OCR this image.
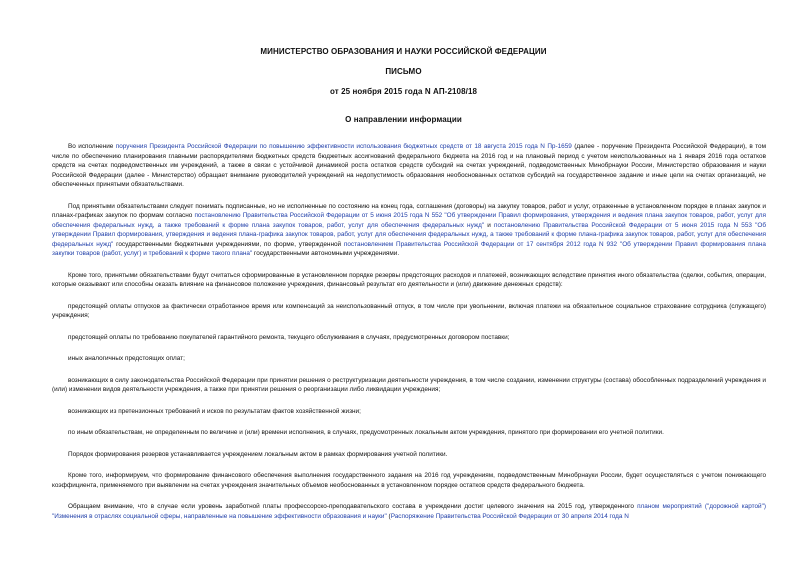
МИНИСТЕРСТВО ОБРАЗОВАНИЯ И НАУКИ РОССИЙСКОЙ ФЕДЕРАЦИИ
ПИСЬМО
от 25 ноября 2015 года N АП-2108/18
О направлении информации

Во исполнение поручения Президента Российской Федерации по повышению эффективности использования бюджетных средств от 18 августа 2015 года N Пр-1659 (далее - поручение Президента Российской Федерации), в том числе по обеспечению планирования главными распорядителями бюджетных средств бюджетных ассигнований федерального бюджета на 2016 год и на плановый период с учетом неиспользованных на 1 января 2016 года остатков средств на счетах подведомственных им учреждений, а также в связи с устойчивой динамикой роста остатков средств субсидий на счетах учреждений, подведомственных Минобрнауки России, Министерство образования и науки Российской Федерации (далее - Министерство) обращает внимание руководителей учреждений на недопустимость образования необоснованных остатков субсидий на государственное задание и иные цели на счетах организаций, не обеспеченных принятыми обязательствами.

Под принятыми обязательствами следует понимать подписанные, но не исполненные по состоянию на конец года, соглашения (договоры) на закупку товаров, работ и услуг, отраженные в установленном порядке в планах закупок и планах-графиках закупок по формам согласно постановлению Правительства Российской Федерации от 5 июня 2015 года N 552 "Об утверждении Правил формирования, утверждения и ведения плана закупок товаров, работ, услуг для обеспечения федеральных нужд, а также требований к форме плана закупок товаров, работ, услуг для обеспечения федеральных нужд" и постановлению Правительства Российской Федерации от 5 июня 2015 года N 553 "Об утверждении Правил формирования, утверждения и ведения плана-графика закупок товаров, работ, услуг для обеспечения федеральных нужд, а также требований к форме плана-графика закупок товаров, работ, услуг для обеспечения федеральных нужд" государственными бюджетными учреждениями, по форме, утвержденной постановлением Правительства Российской Федерации от 17 сентября 2012 года N 932 "Об утверждении Правил формирования плана закупки товаров (работ, услуг) и требований к форме такого плана" государственными автономными учреждениями.

Кроме того, принятыми обязательствами будут считаться сформированные в установленном порядке резервы предстоящих расходов и платежей, возникающих вследствие принятия иного обязательства (сделки, события, операции, которые оказывают или способны оказать влияние на финансовое положение учреждения, финансовый результат его деятельности и (или) движение денежных средств):

предстоящей оплаты отпусков за фактически отработанное время или компенсаций за неиспользованный отпуск, в том числе при увольнении, включая платежи на обязательное социальное страхование сотрудника (служащего) учреждения;

предстоящей оплаты по требованию покупателей гарантийного ремонта, текущего обслуживания в случаях, предусмотренных договором поставки;

иных аналогичных предстоящих оплат;

возникающих в силу законодательства Российской Федерации при принятии решения о реструктуризации деятельности учреждения, в том числе создании, изменении структуры (состава) обособленных подразделений учреждения и (или) изменении видов деятельности учреждения, а также при принятии решения о реорганизации либо ликвидации учреждения;

возникающих из претензионных требований и исков по результатам фактов хозяйственной жизни;

по иным обязательствам, не определенным по величине и (или) времени исполнения, в случаях, предусмотренных локальным актом учреждения, принятого при формировании его учетной политики.

Порядок формирования резервов устанавливается учреждением локальным актом в рамках формирования учетной политики.

Кроме того, информируем, что формирование финансового обеспечения выполнения государственного задания на 2016 год учреждениям, подведомственным Минобрнауки России, будет осуществляться с учетом понижающего коэффициента, применяемого при выявлении на счетах учреждения значительных объемов необоснованных в установленном порядке остатков средств федерального бюджета.

Обращаем внимание, что в случае если уровень заработной платы профессорско-преподавательского состава в учреждении достиг целевого значения на 2015 год, утвержденного планом мероприятий ("дорожной картой") "Изменения в отраслях социальной сферы, направленные на повышение эффективности образования и науки" (Распоряжение Правительства Российской Федерации от 30 апреля 2014 года N
